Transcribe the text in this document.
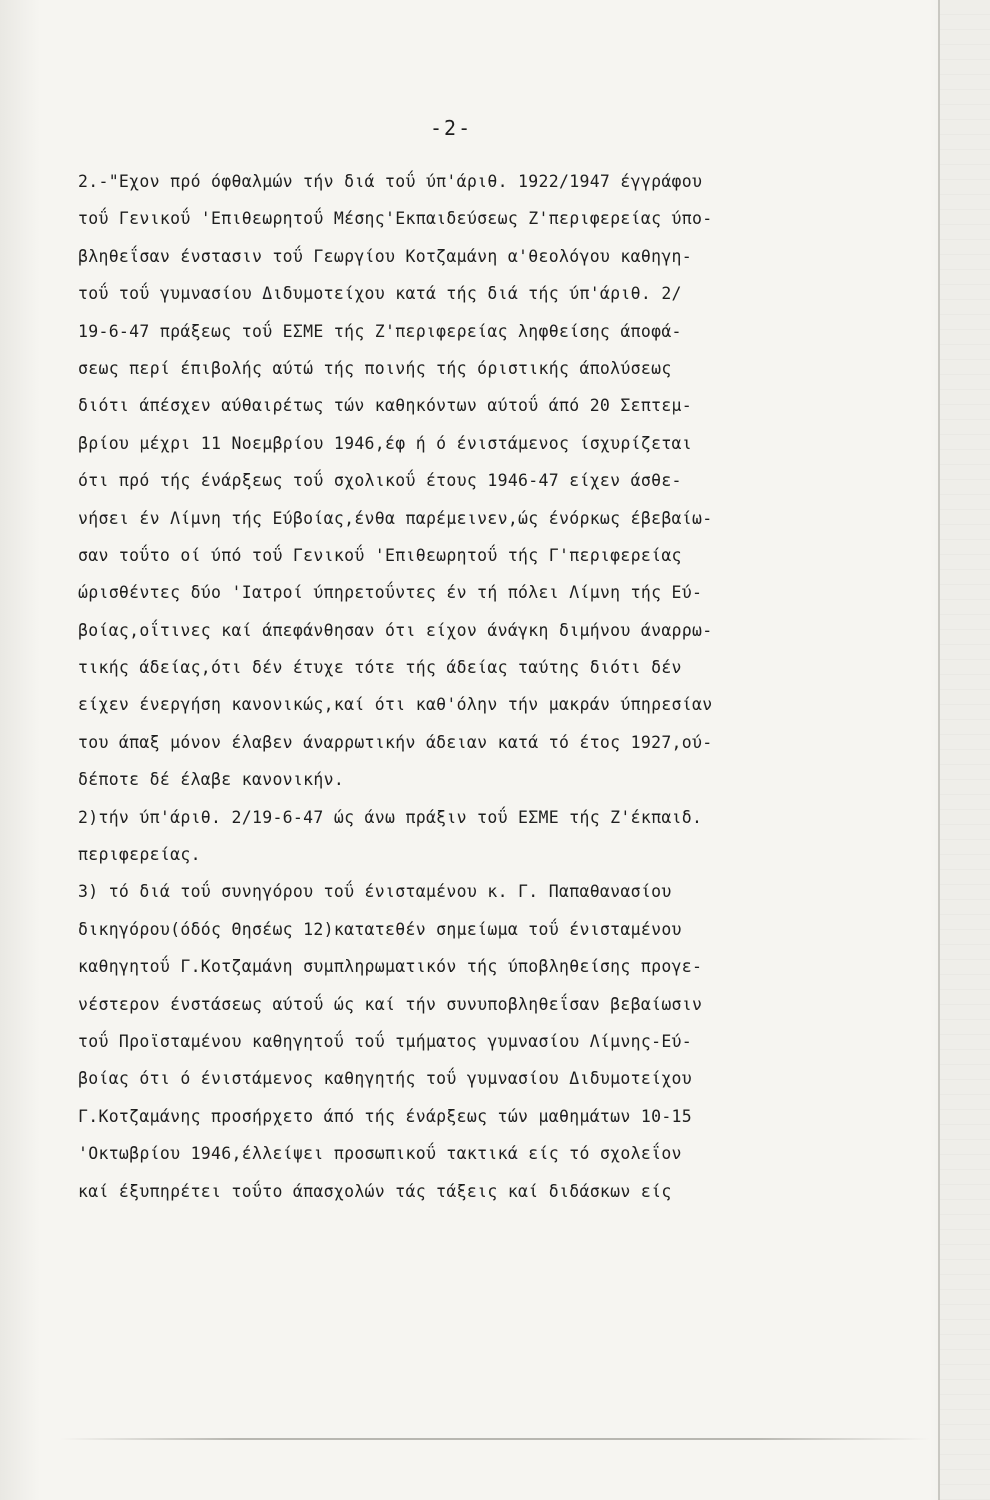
-2-
2.-"Εχον πρό όφθαλμών τήν διά τοΰ ύπ'άριθ. 1922/1947 έγγράφου
τοΰ Γενικοΰ 'Επιθεωρητοΰ Μέσης'Εκπαιδεύσεως Ζ'περιφερείας ύπο-
βληθεΐσαν ένστασιν τοΰ Γεωργίου Κοτζαμάνη α'θεολόγου καθηγη-
τοΰ τοΰ γυμνασίου Διδυμοτείχου κατά τής διά τής ύπ'άριθ. 2/
19-6-47 πράξεως τοΰ ΕΣΜΕ τής Ζ'περιφερείας ληφθείσης άποφά-
σεως περί έπιβολής αύτώ τής ποινής τής όριστικής άπολύσεως
διότι άπέσχεν αύθαιρέτως τών καθηκόντων αύτοΰ άπό 20 Σεπτεμ-
βρίου μέχρι 11 Νοεμβρίου 1946,έφ ή ό ένιστάμενος ίσχυρίζεται
ότι πρό τής ένάρξεως τοΰ σχολικοΰ έτους 1946-47 είχεν άσθε-
νήσει έν Λίμνη τής Εύβοίας,ένθα παρέμεινεν,ώς ένόρκως έβεβαίω-
σαν τοΰτο οί ύπό τοΰ Γενικοΰ 'Επιθεωρητοΰ τής Γ'περιφερείας
ώρισθέντες δύο 'Ιατροί ύπηρετοΰντες έν τή πόλει Λίμνη τής Εύ-
βοίας,οΐτινες καί άπεφάνθησαν ότι είχον άνάγκη διμήνου άναρρω-
τικής άδείας,ότι δέν έτυχε τότε τής άδείας ταύτης διότι δέν
είχεν ένεργήση κανονικώς,καί ότι καθ'όλην τήν μακράν ύπηρεσίαν
του άπαξ μόνον έλαβεν άναρρωτικήν άδειαν κατά τό έτος 1927,ού-
δέποτε δέ έλαβε κανονικήν.
2)τήν ύπ'άριθ. 2/19-6-47 ώς άνω πράξιν τοΰ ΕΣΜΕ τής Ζ'έκπαιδ.
περιφερείας.
3) τό διά τοΰ συνηγόρου τοΰ ένισταμένου κ. Γ. Παπαθανασίου
δικηγόρου(όδός Θησέως 12)κατατεθέν σημείωμα τοΰ ένισταμένου
καθηγητοΰ Γ.Κοτζαμάνη συμπληρωματικόν τής ύποβληθείσης προγε-
νέστερον ένστάσεως αύτοΰ ώς καί τήν συνυποβληθεΐσαν βεβαίωσιν
τοΰ Προϊσταμένου καθηγητοΰ τοΰ τμήματος γυμνασίου Λίμνης-Εύ-
βοίας ότι ό ένιστάμενος καθηγητής τοΰ γυμνασίου Διδυμοτείχου
Γ.Κοτζαμάνης προσήρχετο άπό τής ένάρξεως τών μαθημάτων 10-15
'Οκτωβρίου 1946,έλλείψει προσωπικοΰ τακτικά είς τό σχολεΐον
καί έξυπηρέτει τοΰτο άπασχολών τάς τάξεις καί διδάσκων είς
